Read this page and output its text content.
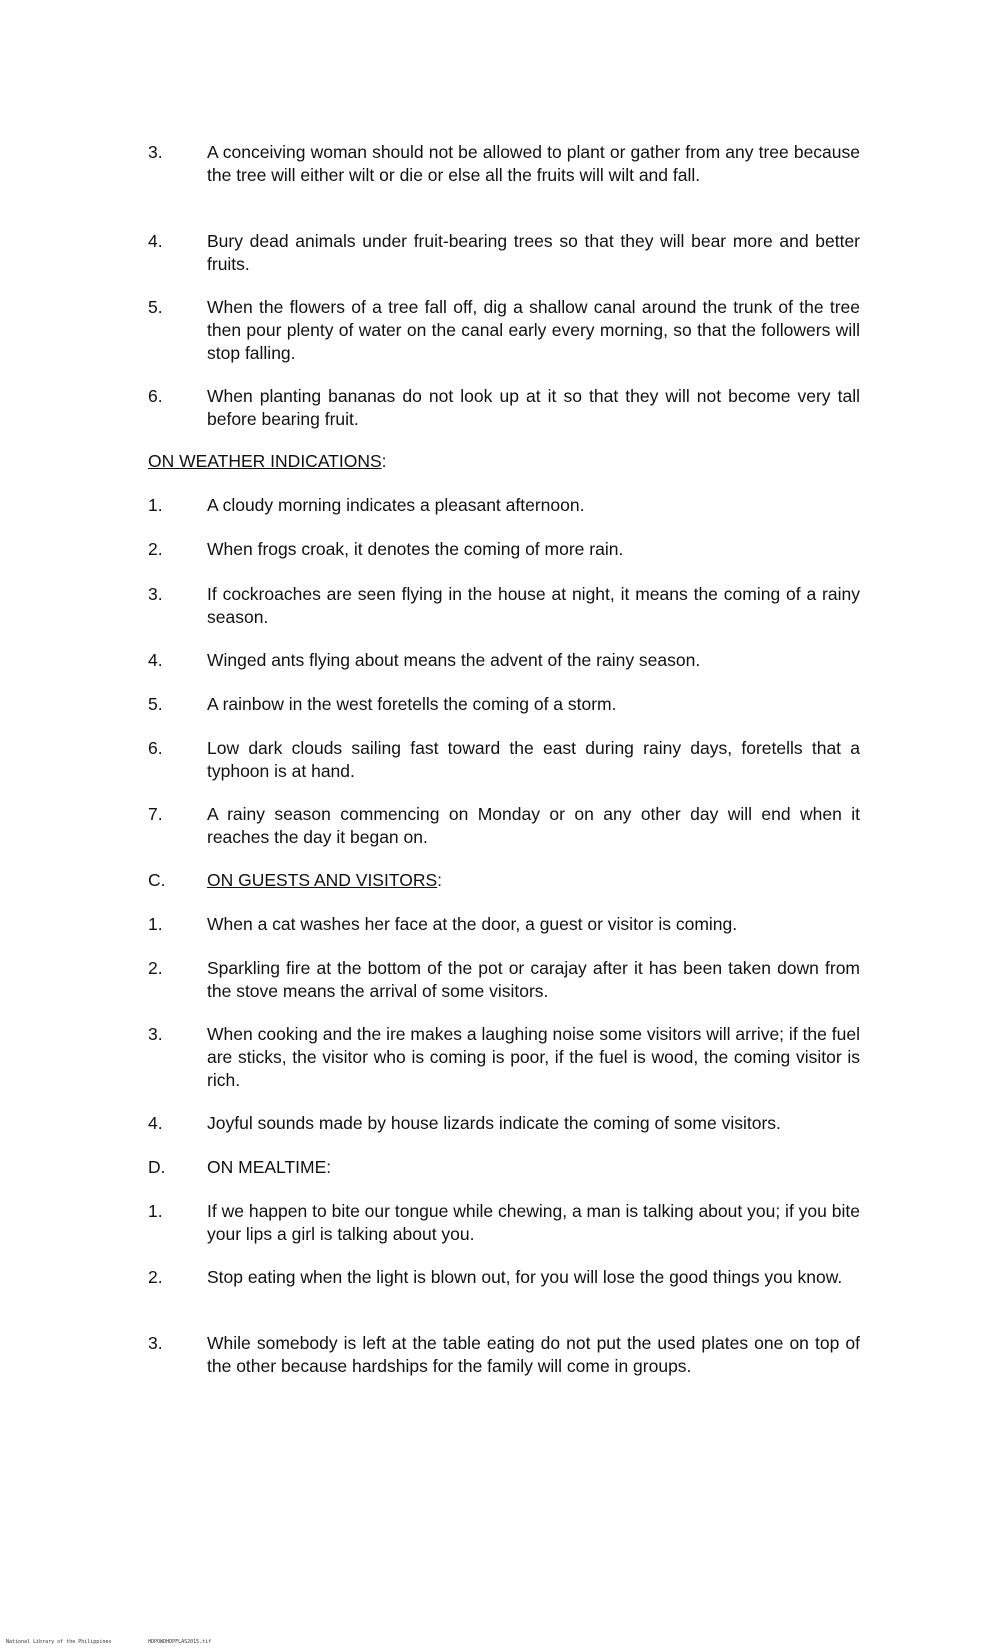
3.	A conceiving woman should not be allowed to plant or gather from any tree because the tree will either wilt or die or else all the fruits will wilt and fall.
4.	Bury dead animals under fruit-bearing trees so that they will bear more and better fruits.
5.	When the flowers of a tree fall off, dig a shallow canal around the trunk of the tree then pour plenty of water on the canal early every morning, so that the followers will stop falling.
6.	When planting bananas do not look up at it so that they will not become very tall before bearing fruit.
ON WEATHER INDICATIONS:
1.	A cloudy morning indicates a pleasant afternoon.
2.	When frogs croak, it denotes the coming of more rain.
3.	If cockroaches are seen flying in the house at night, it means the coming of a rainy season.
4.	Winged ants flying about means the advent of the rainy season.
5.	A rainbow in the west foretells the coming of a storm.
6.	Low dark clouds sailing fast toward the east during rainy days, foretells that a typhoon is at hand.
7.	A rainy season commencing on Monday or on any other day will end when it reaches the day it began on.
C. ON GUESTS AND VISITORS:
1.	When a cat washes her face at the door, a guest or visitor is coming.
2.	Sparkling fire at the bottom of the pot or carajay after it has been taken down from the stove means the arrival of some visitors.
3.	When cooking and the ire makes a laughing noise some visitors will arrive; if the fuel are sticks, the visitor who is coming is poor, if the fuel is wood, the coming visitor is rich.
4.	Joyful sounds made by house lizards indicate the coming of some visitors.
D. ON MEALTIME:
1.	If we happen to bite our tongue while chewing, a man is talking about you; if you bite your lips a girl is talking about you.
2.	Stop eating when the light is blown out, for you will lose the good things you know.
3.	While somebody is left at the table eating do not put the used plates one on top of the other because hardships for the family will come in groups.
National Library of the Philippines	HDPOWDHDPFLAS2015.tif
